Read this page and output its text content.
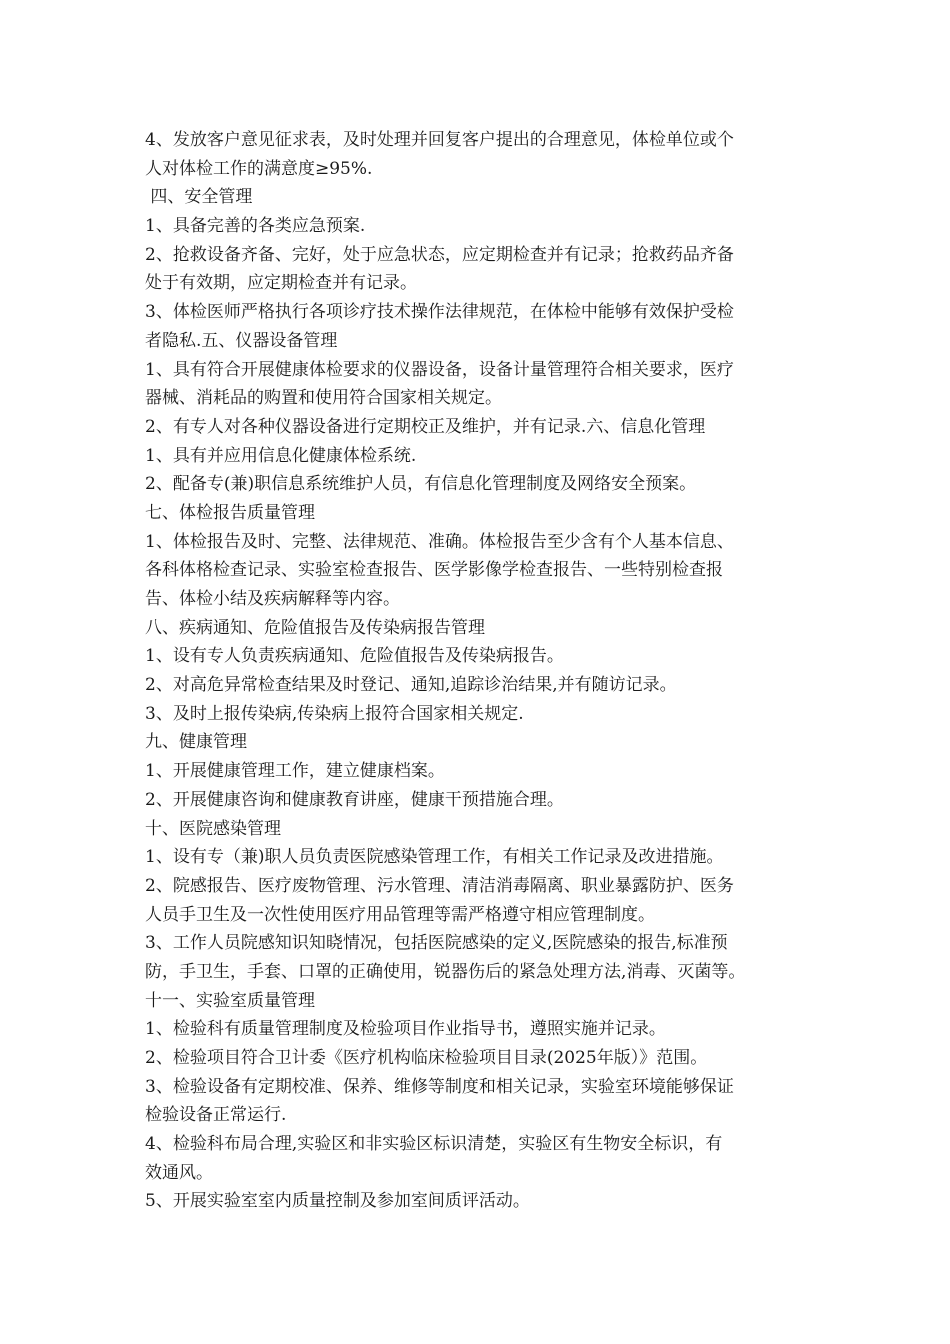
4、发放客户意见征求表，及时处理并回复客户提出的合理意见，体检单位或个

人对体检工作的满意度≥95%.

四、安全管理

1、具备完善的各类应急预案.

2、抢救设备齐备、完好，处于应急状态，应定期检查并有记录；抢救药品齐备

处于有效期，应定期检查并有记录。

3、体检医师严格执行各项诊疗技术操作法律规范，在体检中能够有效保护受检

者隐私.五、仪器设备管理

1、具有符合开展健康体检要求的仪器设备，设备计量管理符合相关要求，医疗

器械、消耗品的购置和使用符合国家相关规定。

2、有专人对各种仪器设备进行定期校正及维护，并有记录.六、信息化管理

1、具有并应用信息化健康体检系统.

2、配备专(兼)职信息系统维护人员，有信息化管理制度及网络安全预案。

七、体检报告质量管理

1、体检报告及时、完整、法律规范、准确。体检报告至少含有个人基本信息、

各科体格检查记录、实验室检查报告、医学影像学检查报告、一些特别检查报

告、体检小结及疾病解释等内容。

八、疾病通知、危险值报告及传染病报告管理

1、设有专人负责疾病通知、危险值报告及传染病报告。

2、对高危异常检查结果及时登记、通知,追踪诊治结果,并有随访记录。

3、及时上报传染病,传染病上报符合国家相关规定.

九、健康管理

1、开展健康管理工作，建立健康档案。

2、开展健康咨询和健康教育讲座，健康干预措施合理。

十、医院感染管理

1、设有专（兼)职人员负责医院感染管理工作，有相关工作记录及改进措施。

2、院感报告、医疗废物管理、污水管理、清洁消毒隔离、职业暴露防护、医务

人员手卫生及一次性使用医疗用品管理等需严格遵守相应管理制度。

3、工作人员院感知识知晓情况，包括医院感染的定义,医院感染的报告,标准预

防，手卫生，手套、口罩的正确使用，锐器伤后的紧急处理方法,消毒、灭菌等。

十一、实验室质量管理

1、检验科有质量管理制度及检验项目作业指导书，遵照实施并记录。

2、检验项目符合卫计委《医疗机构临床检验项目目录(2025年版）》范围。

3、检验设备有定期校准、保养、维修等制度和相关记录，实验室环境能够保证

检验设备正常运行.

4、检验科布局合理,实验区和非实验区标识清楚，实验区有生物安全标识，有

效通风。

5、开展实验室室内质量控制及参加室间质评活动。
